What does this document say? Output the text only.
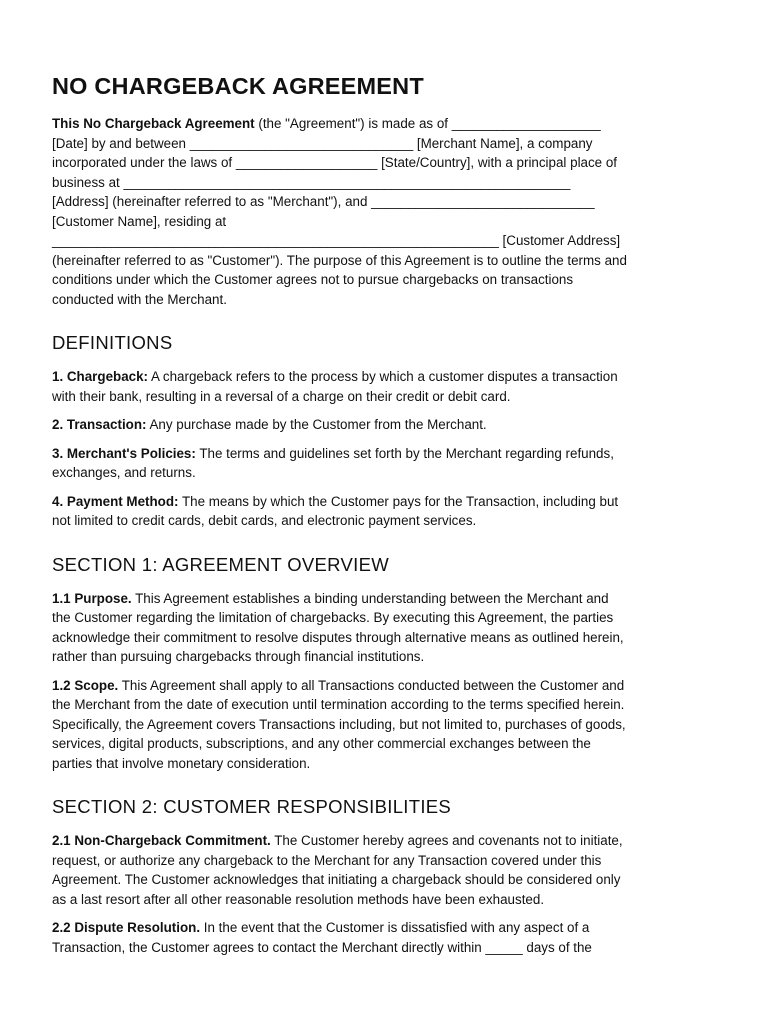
NO CHARGEBACK AGREEMENT

This No Chargeback Agreement (the "Agreement") is made as of ____________________
[Date] by and between ______________________________ [Merchant Name], a company
incorporated under the laws of ___________________ [State/Country], with a principal place of
business at ____________________________________________________________
[Address] (hereinafter referred to as "Merchant"), and ______________________________
[Customer Name], residing at
____________________________________________________________ [Customer Address]
(hereinafter referred to as "Customer"). The purpose of this Agreement is to outline the terms and
conditions under which the Customer agrees not to pursue chargebacks on transactions
conducted with the Merchant.

DEFINITIONS

1. Chargeback: A chargeback refers to the process by which a customer disputes a transaction
with their bank, resulting in a reversal of a charge on their credit or debit card.

2. Transaction: Any purchase made by the Customer from the Merchant.

3. Merchant's Policies: The terms and guidelines set forth by the Merchant regarding refunds,
exchanges, and returns.

4. Payment Method: The means by which the Customer pays for the Transaction, including but
not limited to credit cards, debit cards, and electronic payment services.

SECTION 1: AGREEMENT OVERVIEW

1.1 Purpose. This Agreement establishes a binding understanding between the Merchant and
the Customer regarding the limitation of chargebacks. By executing this Agreement, the parties
acknowledge their commitment to resolve disputes through alternative means as outlined herein,
rather than pursuing chargebacks through financial institutions.

1.2 Scope. This Agreement shall apply to all Transactions conducted between the Customer and
the Merchant from the date of execution until termination according to the terms specified herein.
Specifically, the Agreement covers Transactions including, but not limited to, purchases of goods,
services, digital products, subscriptions, and any other commercial exchanges between the
parties that involve monetary consideration.

SECTION 2: CUSTOMER RESPONSIBILITIES

2.1 Non-Chargeback Commitment. The Customer hereby agrees and covenants not to initiate,
request, or authorize any chargeback to the Merchant for any Transaction covered under this
Agreement. The Customer acknowledges that initiating a chargeback should be considered only
as a last resort after all other reasonable resolution methods have been exhausted.

2.2 Dispute Resolution. In the event that the Customer is dissatisfied with any aspect of a
Transaction, the Customer agrees to contact the Merchant directly within _____ days of the
